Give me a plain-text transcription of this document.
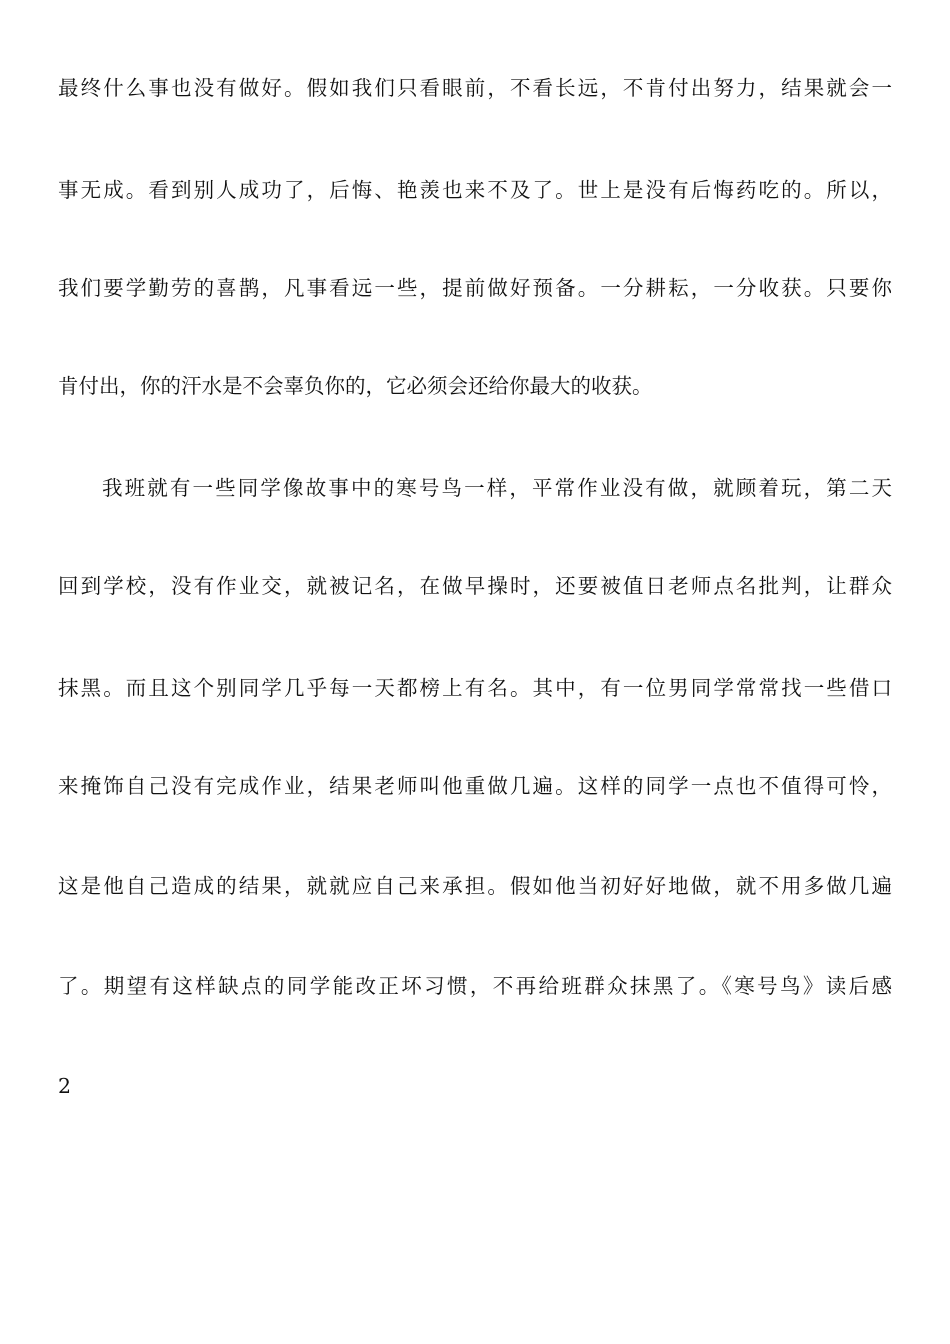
最终什么事也没有做好。假如我们只看眼前，不看长远，不肯付出努力，结果就会一
事无成。看到别人成功了，后悔、艳羡也来不及了。世上是没有后悔药吃的。所以，
我们要学勤劳的喜鹊，凡事看远一些，提前做好预备。一分耕耘，一分收获。只要你
肯付出，你的汗水是不会辜负你的，它必须会还给你最大的收获。
我班就有一些同学像故事中的寒号鸟一样，平常作业没有做，就顾着玩，第二天
回到学校，没有作业交，就被记名，在做早操时，还要被值日老师点名批判，让群众
抹黑。而且这个别同学几乎每一天都榜上有名。其中，有一位男同学常常找一些借口
来掩饰自己没有完成作业，结果老师叫他重做几遍。这样的同学一点也不值得可怜，
这是他自己造成的结果，就就应自己来承担。假如他当初好好地做，就不用多做几遍
了。期望有这样缺点的同学能改正坏习惯，不再给班群众抹黑了。《寒号鸟》读后感
2
